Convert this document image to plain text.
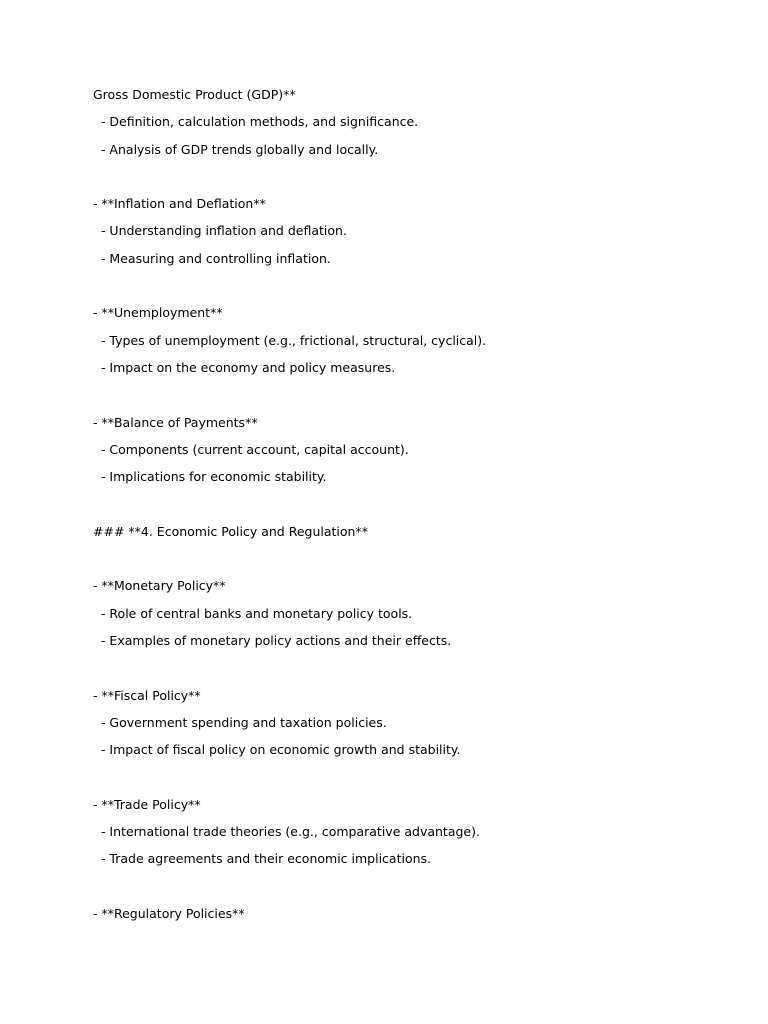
Gross Domestic Product (GDP)**
- Definition, calculation methods, and significance.
- Analysis of GDP trends globally and locally.
- **Inflation and Deflation**
- Understanding inflation and deflation.
- Measuring and controlling inflation.
- **Unemployment**
- Types of unemployment (e.g., frictional, structural, cyclical).
- Impact on the economy and policy measures.
- **Balance of Payments**
- Components (current account, capital account).
- Implications for economic stability.
### **4. Economic Policy and Regulation**
- **Monetary Policy**
- Role of central banks and monetary policy tools.
- Examples of monetary policy actions and their effects.
- **Fiscal Policy**
- Government spending and taxation policies.
- Impact of fiscal policy on economic growth and stability.
- **Trade Policy**
- International trade theories (e.g., comparative advantage).
- Trade agreements and their economic implications.
- **Regulatory Policies**
